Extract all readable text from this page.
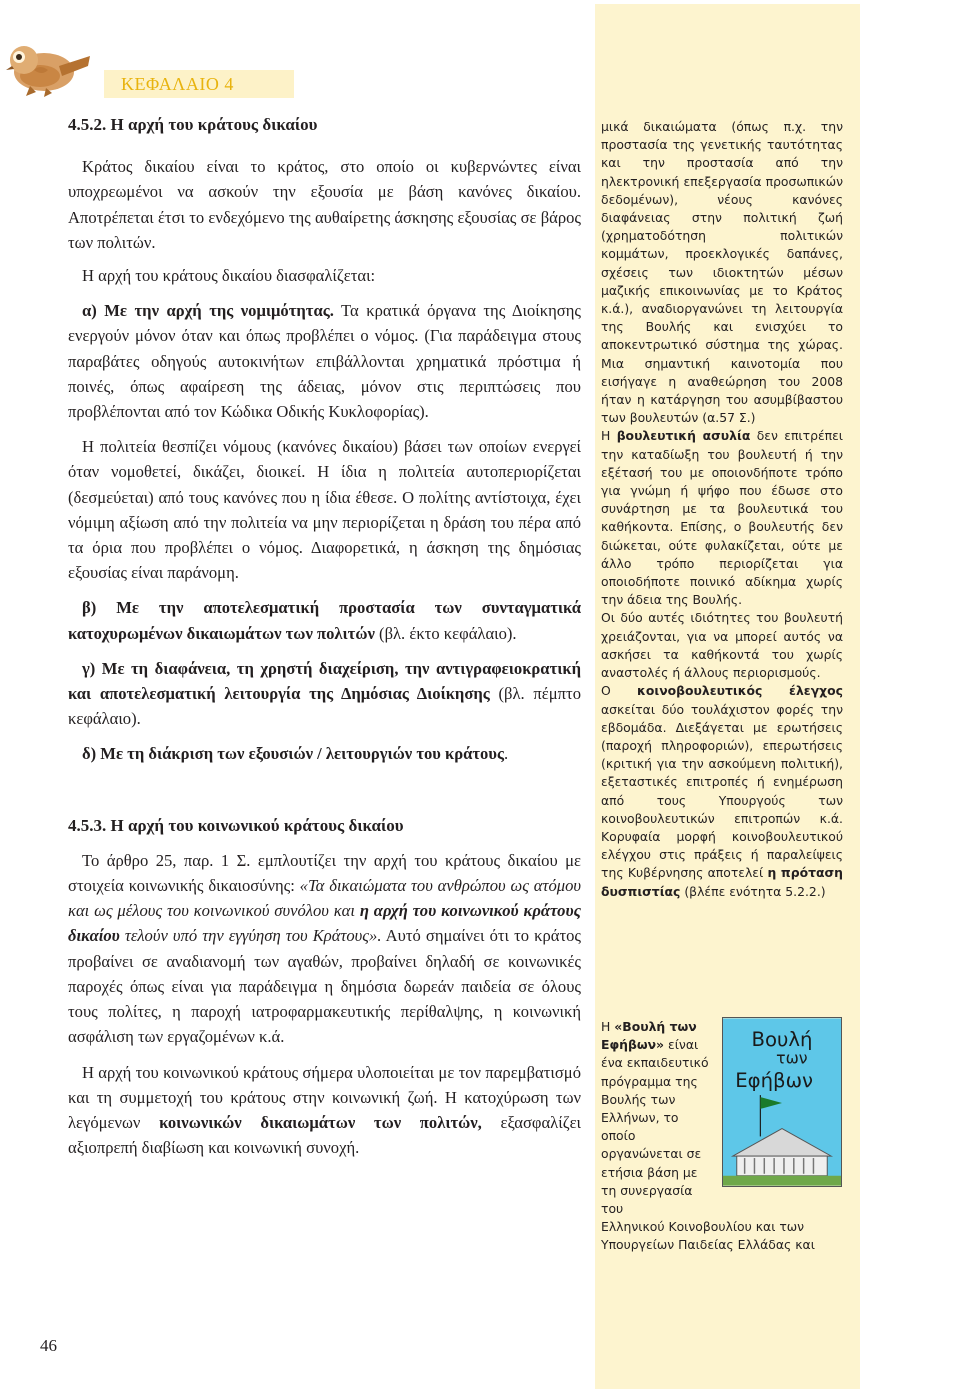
ΚΕΦΑΛΑΙΟ 4

4.5.2. Η αρχή του κράτους δικαίου

Κράτος δικαίου είναι το κράτος, στο οποίο οι κυβερνώντες είναι υποχρεωμένοι να ασκούν την εξουσία με βάση κανόνες δικαίου. Αποτρέπεται έτσι το ενδεχόμενο της αυθαίρετης άσκησης εξουσίας σε βάρος των πολιτών.

Η αρχή του κράτους δικαίου διασφαλίζεται:

α) Με την αρχή της νομιμότητας. Τα κρατικά όργανα της Διοίκησης ενεργούν μόνον όταν και όπως προβλέπει ο νόμος. (Για παράδειγμα στους παραβάτες οδηγούς αυτοκινήτων επιβάλλονται χρηματικά πρόστιμα ή ποινές, όπως αφαίρεση της άδειας, μόνον στις περιπτώσεις που προβλέπονται από τον Κώδικα Οδικής Κυκλοφορίας).

Η πολιτεία θεσπίζει νόμους (κανόνες δικαίου) βάσει των οποίων ενεργεί όταν νομοθετεί, δικάζει, διοικεί. Η ίδια η πολιτεία αυτοπεριορίζεται (δεσμεύεται) από τους κανόνες που η ίδια έθεσε. Ο πολίτης αντίστοιχα, έχει νόμιμη αξίωση από την πολιτεία να μην περιορίζεται η δράση του πέρα από τα όρια που προβλέπει ο νόμος. Διαφορετικά, η άσκηση της δημόσιας εξουσίας είναι παράνομη.

β) Με την αποτελεσματική προστασία των συνταγματικά κατοχυρωμένων δικαιωμάτων των πολιτών (βλ. έκτο κεφάλαιο).

γ) Με τη διαφάνεια, τη χρηστή διαχείριση, την αντιγραφειοκρατική και αποτελεσματική λειτουργία της Δημόσιας Διοίκησης (βλ. πέμπτο κεφάλαιο).

δ) Με τη διάκριση των εξουσιών / λειτουργιών του κράτους.

4.5.3. Η αρχή του κοινωνικού κράτους δικαίου

Το άρθρο 25, παρ. 1 Σ. εμπλουτίζει την αρχή του κράτους δικαίου με στοιχεία κοινωνικής δικαιοσύνης: «Τα δικαιώματα του ανθρώπου ως ατόμου και ως μέλους του κοινωνικού συνόλου και η αρχή του κοινωνικού κράτους δικαίου τελούν υπό την εγγύηση του Κράτους». Αυτό σημαίνει ότι το κράτος προβαίνει σε αναδιανομή των αγαθών, προβαίνει δηλαδή σε κοινωνικές παροχές όπως είναι για παράδειγμα η δημόσια δωρεάν παιδεία σε όλους τους πολίτες, η παροχή ιατροφαρμακευτικής περίθαλψης, η κοινωνική ασφάλιση των εργαζομένων κ.ά.

Η αρχή του κοινωνικού κράτους σήμερα υλοποιείται με τον παρεμβατισμό και τη συμμετοχή του κράτους στην κοινωνική ζωή. Η κατοχύρωση των λεγόμενων κοινωνικών δικαιωμάτων των πολιτών, εξασφαλίζει αξιοπρεπή διαβίωση και κοινωνική συνοχή.

μικά δικαιώματα (όπως π.χ. την προστασία της γενετικής ταυτότητας και την προστασία από την ηλεκτρονική επεξεργασία προσωπικών δεδομένων), νέους κανόνες διαφάνειας στην πολιτική ζωή (χρηματοδότηση πολιτικών κομμάτων, προεκλογικές δαπάνες, σχέσεις των ιδιοκτητών μέσων μαζικής επικοινωνίας με το Κράτος κ.ά.), αναδιοργανώνει τη λειτουργία της Βουλής και ενισχύει το αποκεντρωτικό σύστημα της χώρας. Μια σημαντική καινοτομία που εισήγαγε η αναθεώρηση του 2008 ήταν η κατάργηση του ασυμβίβαστου των βουλευτών (α.57 Σ.)

Η βουλευτική ασυλία δεν επιτρέπει την καταδίωξη του βουλευτή ή την εξέτασή του με οποιονδήποτε τρόπο για γνώμη ή ψήφο που έδωσε στο συνάρτηση με τα βουλευτικά του καθήκοντα. Επίσης, ο βουλευτής δεν διώκεται, ούτε φυλακίζεται, ούτε με άλλο τρόπο περιορίζεται για οποιοδήποτε ποινικό αδίκημα χωρίς την άδεια της Βουλής.

Οι δύο αυτές ιδιότητες του βουλευτή χρειάζονται, για να μπορεί αυτός να ασκήσει τα καθήκοντά του χωρίς αναστολές ή άλλους περιορισμούς.

Ο κοινοβουλευτικός έλεγχος ασκείται δύο τουλάχιστον φορές την εβδομάδα. Διεξάγεται με ερωτήσεις (παροχή πληροφοριών), επερωτήσεις (κριτική για την ασκούμενη πολιτική), εξεταστικές επιτροπές ή ενημέρωση από τους Υπουργούς των κοινοβουλευτικών επιτροπών κ.ά. Κορυφαία μορφή κοινοβουλευτικού ελέγχου στις πράξεις ή παραλείψεις της Κυβέρνησης αποτελεί η πρόταση δυσπιστίας (βλέπε ενότητα 5.2.2.)

Η «Βουλή των Εφήβων» είναι ένα εκπαιδευτικό πρόγραμμα της Βουλής των Ελλήνων, το οποίο οργανώνεται σε ετήσια βάση με τη συνεργασία του

Ελληνικού Κοινοβουλίου και των

Υπουργείων Παιδείας Ελλάδας και

Βουλή
των
Εφήβων
46
